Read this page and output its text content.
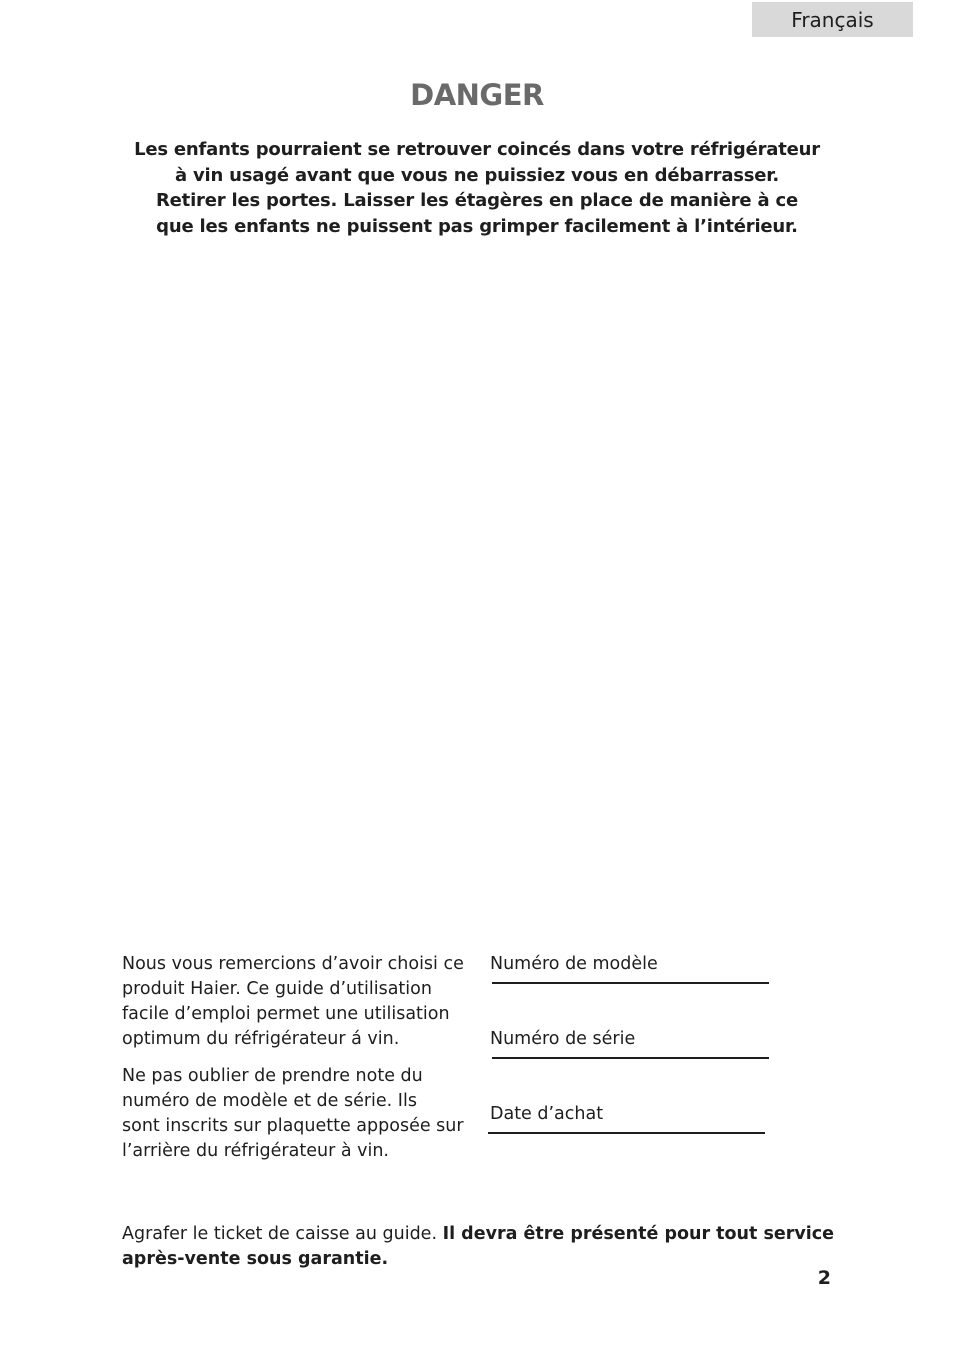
Français
DANGER

Les enfants pourraient se retrouver coincés dans votre réfrigérateur
à vin usagé avant que vous ne puissiez vous en débarrasser.
Retirer les portes. Laisser les étagères en place de manière à ce
que les enfants ne puissent pas grimper facilement à l’intérieur.

Nous vous remercions d’avoir choisi ce
produit Haier. Ce guide d’utilisation
facile d’emploi permet une utilisation
optimum du réfrigérateur á vin.

Ne pas oublier de prendre note du
numéro de modèle et de série. Ils
sont inscrits sur plaquette apposée sur
l’arrière du réfrigérateur à vin.

Numéro de modèle
Numéro de série
Date d’achat

Agrafer le ticket de caisse au guide. Il devra être présenté pour tout service après-vente sous garantie.

2
